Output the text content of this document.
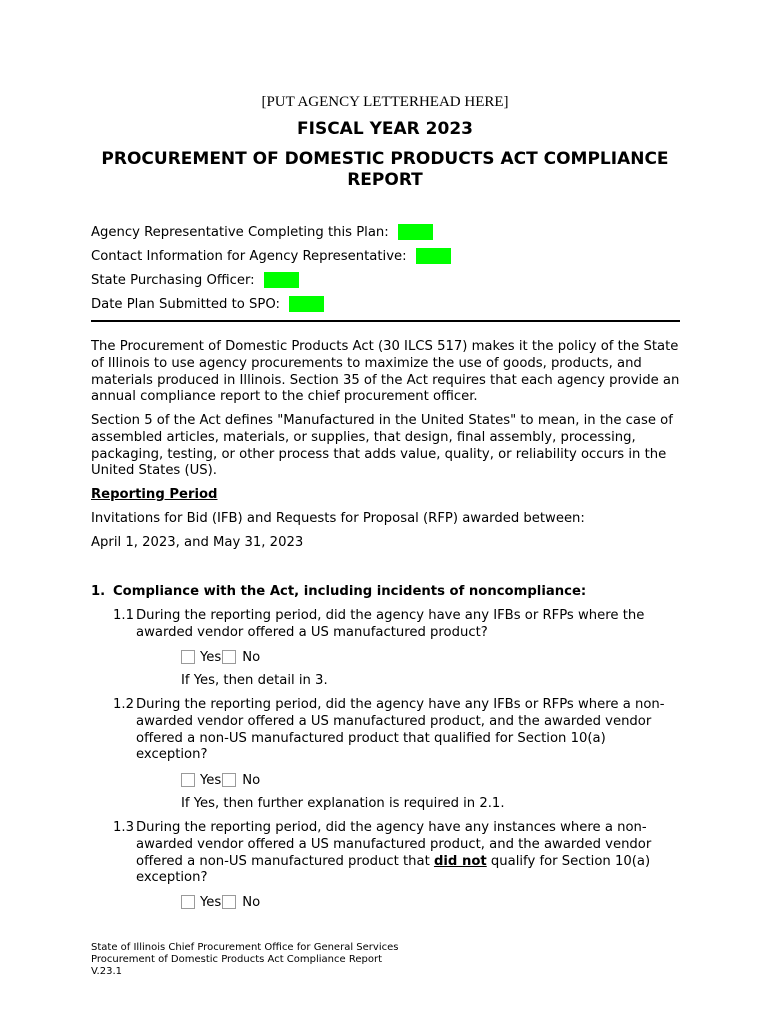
[PUT AGENCY LETTERHEAD HERE]
FISCAL YEAR 2023
PROCUREMENT OF DOMESTIC PRODUCTS ACT COMPLIANCE REPORT
Agency Representative Completing this Plan:
Contact Information for Agency Representative:
State Purchasing Officer:
Date Plan Submitted to SPO:
The Procurement of Domestic Products Act (30 ILCS 517) makes it the policy of the State of Illinois to use agency procurements to maximize the use of goods, products, and materials produced in Illinois. Section 35 of the Act requires that each agency provide an annual compliance report to the chief procurement officer.
Section 5 of the Act defines "Manufactured in the United States" to mean, in the case of assembled articles, materials, or supplies, that design, final assembly, processing, packaging, testing, or other process that adds value, quality, or reliability occurs in the United States (US).
Reporting Period
Invitations for Bid (IFB) and Requests for Proposal (RFP) awarded between:
April 1, 2023, and May 31, 2023
1. Compliance with the Act, including incidents of noncompliance:
1.1 During the reporting period, did the agency have any IFBs or RFPs where the awarded vendor offered a US manufactured product?
Yes No
If Yes, then detail in 3.
1.2 During the reporting period, did the agency have any IFBs or RFPs where a non-awarded vendor offered a US manufactured product, and the awarded vendor offered a non-US manufactured product that qualified for Section 10(a) exception?
Yes No
If Yes, then further explanation is required in 2.1.
1.3 During the reporting period, did the agency have any instances where a non-awarded vendor offered a US manufactured product, and the awarded vendor offered a non-US manufactured product that did not qualify for Section 10(a) exception?
Yes No
State of Illinois Chief Procurement Office for General Services
Procurement of Domestic Products Act Compliance Report
V.23.1
